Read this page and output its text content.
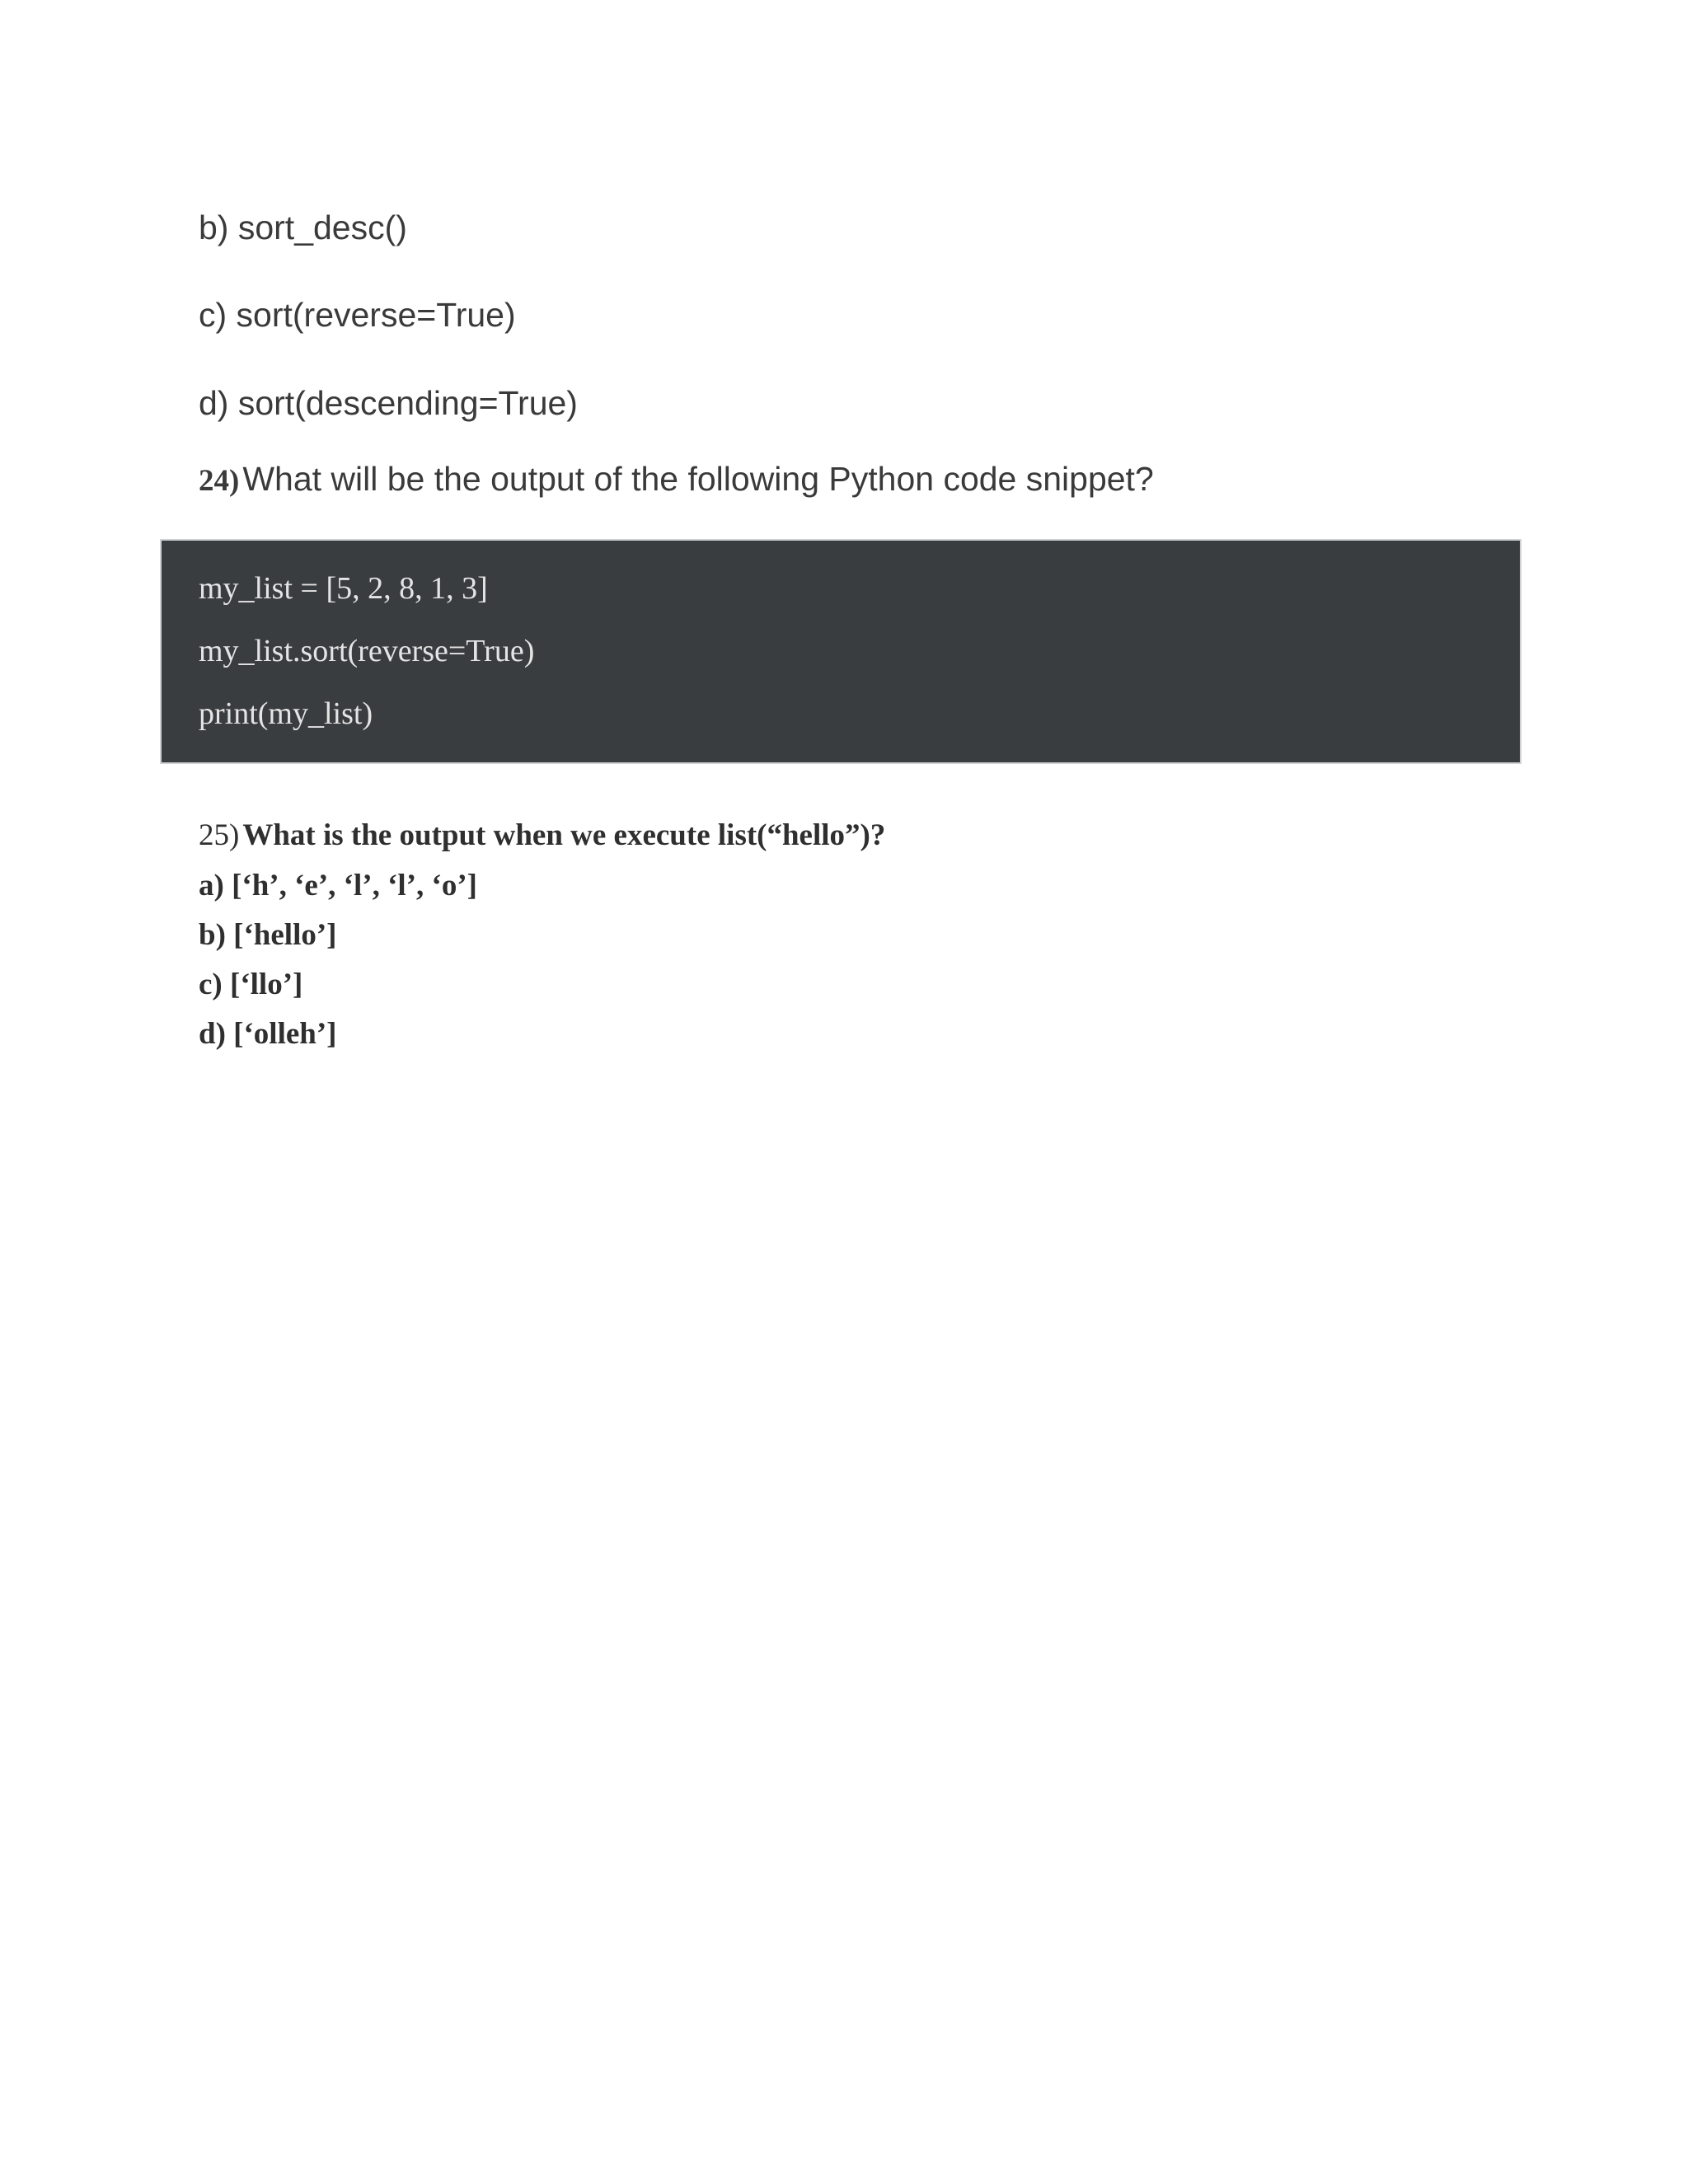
b) sort_desc()
c) sort(reverse=True)
d) sort(descending=True)
24) What will be the output of the following Python code snippet?
my_list = [5, 2, 8, 1, 3]
my_list.sort(reverse=True)
print(my_list)
25) What is the output when we execute list(“hello”)?
a) [‘h’, ‘e’, ‘l’, ‘l’, ‘o’]
b) [‘hello’]
c) [‘llo’]
d) [‘olleh’]
